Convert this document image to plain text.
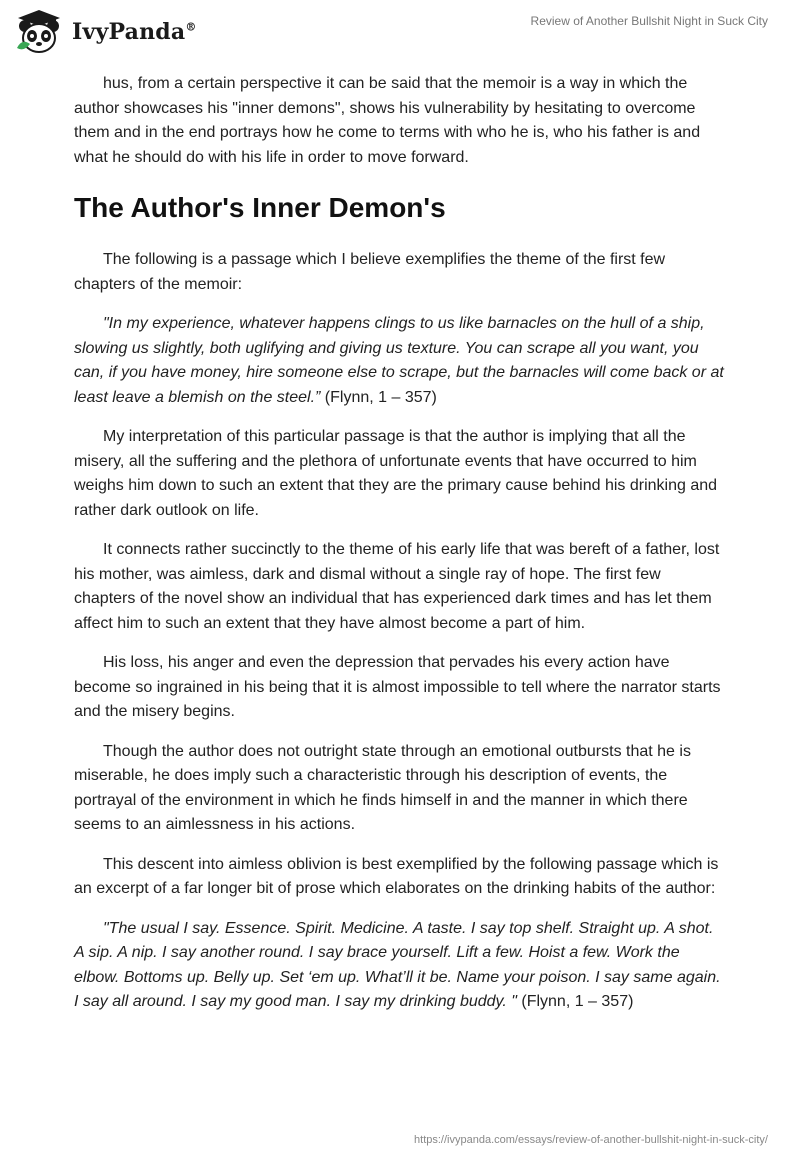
IvyPanda®	Review of Another Bullshit Night in Suck City

hus, from a certain perspective it can be said that the memoir is a way in which the author showcases his "inner demons", shows his vulnerability by hesitating to overcome them and in the end portrays how he come to terms with who he is, who his father is and what he should do with his life in order to move forward.

The Author's Inner Demon's

The following is a passage which I believe exemplifies the theme of the first few chapters of the memoir:

"In my experience, whatever happens clings to us like barnacles on the hull of a ship, slowing us slightly, both uglifying and giving us texture. You can scrape all you want, you can, if you have money, hire someone else to scrape, but the barnacles will come back or at least leave a blemish on the steel.” (Flynn, 1 – 357)

My interpretation of this particular passage is that the author is implying that all the misery, all the suffering and the plethora of unfortunate events that have occurred to him weighs him down to such an extent that they are the primary cause behind his drinking and rather dark outlook on life.

It connects rather succinctly to the theme of his early life that was bereft of a father, lost his mother, was aimless, dark and dismal without a single ray of hope. The first few chapters of the novel show an individual that has experienced dark times and has let them affect him to such an extent that they have almost become a part of him.

His loss, his anger and even the depression that pervades his every action have become so ingrained in his being that it is almost impossible to tell where the narrator starts and the misery begins.

Though the author does not outright state through an emotional outbursts that he is miserable, he does imply such a characteristic through his description of events, the portrayal of the environment in which he finds himself in and the manner in which there seems to an aimlessness in his actions.

This descent into aimless oblivion is best exemplified by the following passage which is an excerpt of a far longer bit of prose which elaborates on the drinking habits of the author:

"The usual I say. Essence. Spirit. Medicine. A taste. I say top shelf. Straight up. A shot. A sip. A nip. I say another round. I say brace yourself. Lift a few. Hoist a few. Work the elbow. Bottoms up. Belly up. Set ‘em up. What’ll it be. Name your poison. I say same again. I say all around. I say my good man. I say my drinking buddy. " (Flynn, 1 – 357)

https://ivypanda.com/essays/review-of-another-bullshit-night-in-suck-city/
